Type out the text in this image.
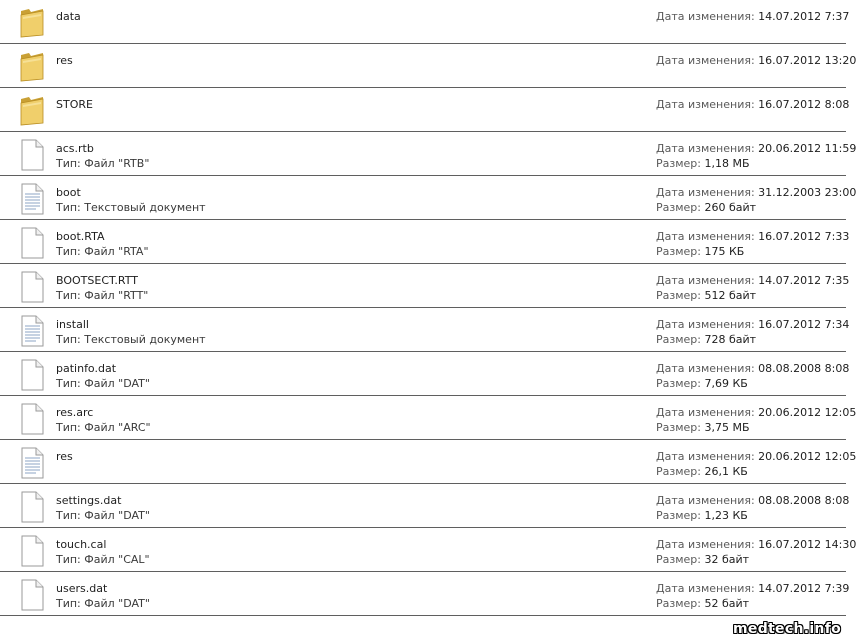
data	Дата изменения: 14.07.2012 7:37
res	Дата изменения: 16.07.2012 13:20
STORE	Дата изменения: 16.07.2012 8:08
acs.rtb
Тип: Файл "RTB"
Дата изменения: 20.06.2012 11:59
Размер: 1,18 МБ
boot
Тип: Текстовый документ
Дата изменения: 31.12.2003 23:00
Размер: 260 байт
boot.RTA
Тип: Файл "RTA"
Дата изменения: 16.07.2012 7:33
Размер: 175 КБ
BOOTSECT.RTT
Тип: Файл "RTT"
Дата изменения: 14.07.2012 7:35
Размер: 512 байт
install
Тип: Текстовый документ
Дата изменения: 16.07.2012 7:34
Размер: 728 байт
patinfo.dat
Тип: Файл "DAT"
Дата изменения: 08.08.2008 8:08
Размер: 7,69 КБ
res.arc
Тип: Файл "ARC"
Дата изменения: 20.06.2012 12:05
Размер: 3,75 МБ
res	Дата изменения: 20.06.2012 12:05
Размер: 26,1 КБ
settings.dat
Тип: Файл "DAT"
Дата изменения: 08.08.2008 8:08
Размер: 1,23 КБ
touch.cal
Тип: Файл "CAL"
Дата изменения: 16.07.2012 14:30
Размер: 32 байт
users.dat
Тип: Файл "DAT"
Дата изменения: 14.07.2012 7:39
Размер: 52 байт
medtech.info
